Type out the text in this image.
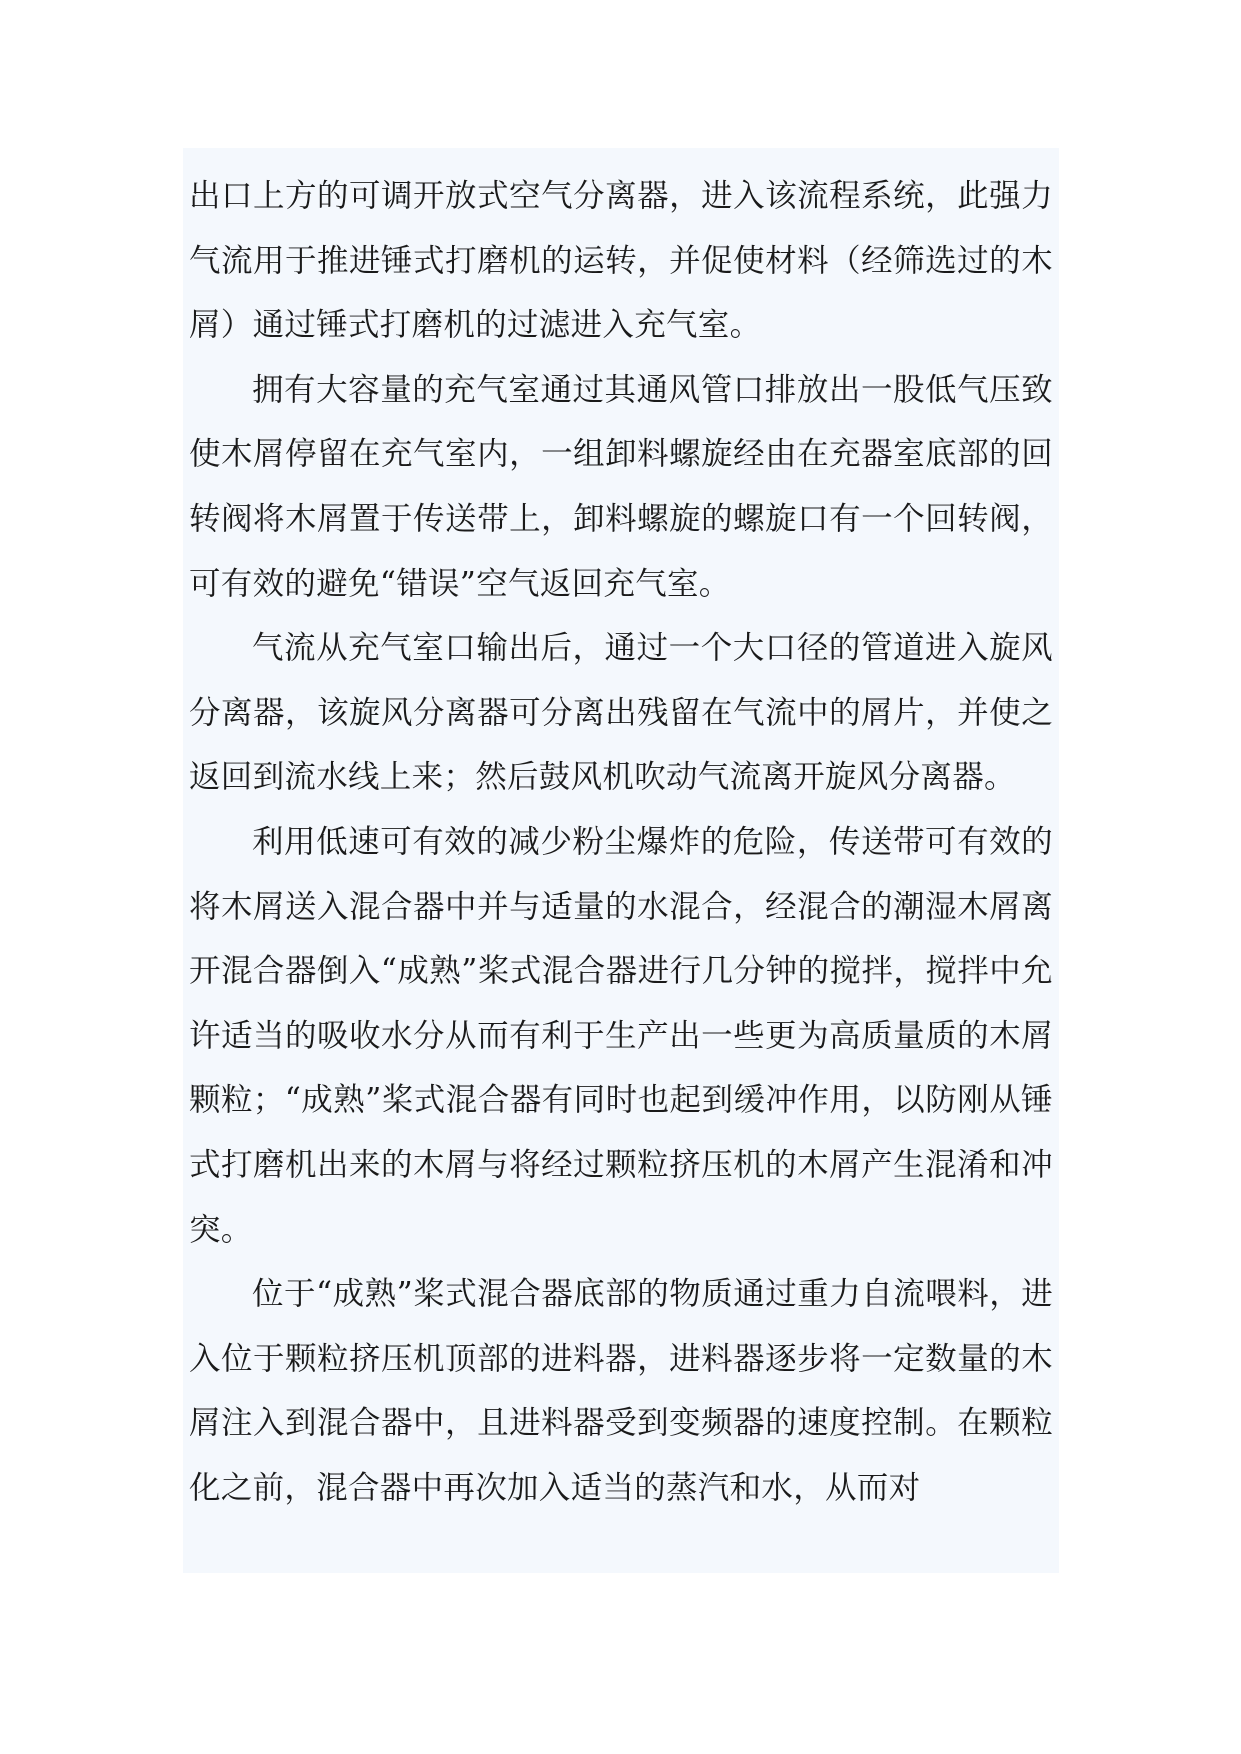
出口上方的可调开放式空气分离器，进入该流程系统，此强力气流用于推进锤式打磨机的运转，并促使材料（经筛选过的木屑）通过锤式打磨机的过滤进入充气室。

拥有大容量的充气室通过其通风管口排放出一股低气压致使木屑停留在充气室内，一组卸料螺旋经由在充器室底部的回转阀将木屑置于传送带上，卸料螺旋的螺旋口有一个回转阀，可有效的避免“错误”空气返回充气室。

气流从充气室口输出后，通过一个大口径的管道进入旋风分离器，该旋风分离器可分离出残留在气流中的屑片，并使之返回到流水线上来；然后鼓风机吹动气流离开旋风分离器。

利用低速可有效的减少粉尘爆炸的危险，传送带可有效的将木屑送入混合器中并与适量的水混合，经混合的潮湿木屑离开混合器倒入“成熟”桨式混合器进行几分钟的搅拌，搅拌中允许适当的吸收水分从而有利于生产出一些更为高质量质的木屑颗粒；“成熟”桨式混合器有同时也起到缓冲作用，以防刚从锤式打磨机出来的木屑与将经过颗粒挤压机的木屑产生混淆和冲突。

位于“成熟”桨式混合器底部的物质通过重力自流喂料，进入位于颗粒挤压机顶部的进料器，进料器逐步将一定数量的木屑注入到混合器中，且进料器受到变频器的速度控制。在颗粒化之前，混合器中再次加入适当的蒸汽和水，从而对
